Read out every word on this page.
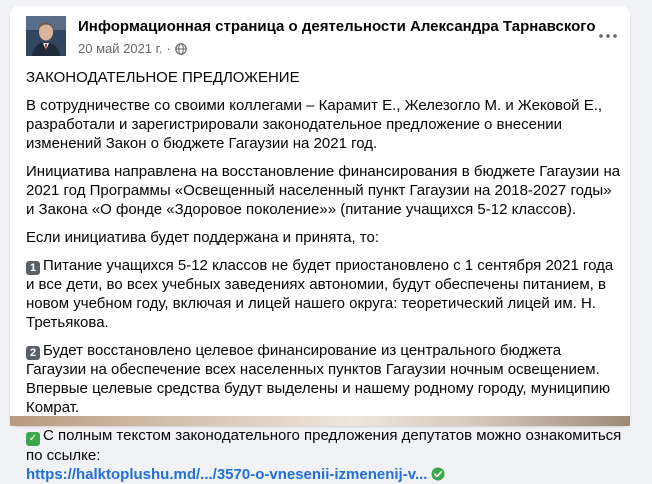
Информационная страница о деятельности Александра Тарнавского
20 май 2021 г. ·

ЗАКОНОДАТЕЛЬНОЕ ПРЕДЛОЖЕНИЕ

В сотрудничестве со своими коллегами – Карамит Е., Железогло М. и Жековой Е., разработали и зарегистрировали законодательное предложение о внесении изменений Закон о бюджете Гагаузии на 2021 год.

Инициатива направлена на восстановление финансирования в бюджете Гагаузии на 2021 год Программы «Освещенный населенный пункт Гагаузии на 2018-2027 годы» и Закона «О фонде «Здоровое поколение»» (питание учащихся 5-12 классов).

Если инициатива будет поддержана и принята, то:

1 Питание учащихся 5-12 классов не будет приостановлено с 1 сентября 2021 года и все дети, во всех учебных заведениях автономии, будут обеспечены питанием, в новом учебном году, включая и лицей нашего округа: теоретический лицей им. Н. Третьякова.

2 Будет восстановлено целевое финансирование из центрального бюджета Гагаузии на обеспечение всех населенных пунктов Гагаузии ночным освещением. Впервые целевые средства будут выделены и нашему родному городу, муниципию Комрат.

✓ С полным текстом законодательного предложения депутатов можно ознакомиться по ссылке:
https://halktoplushu.md/.../3570-o-vnesenii-izmenenij-v...
